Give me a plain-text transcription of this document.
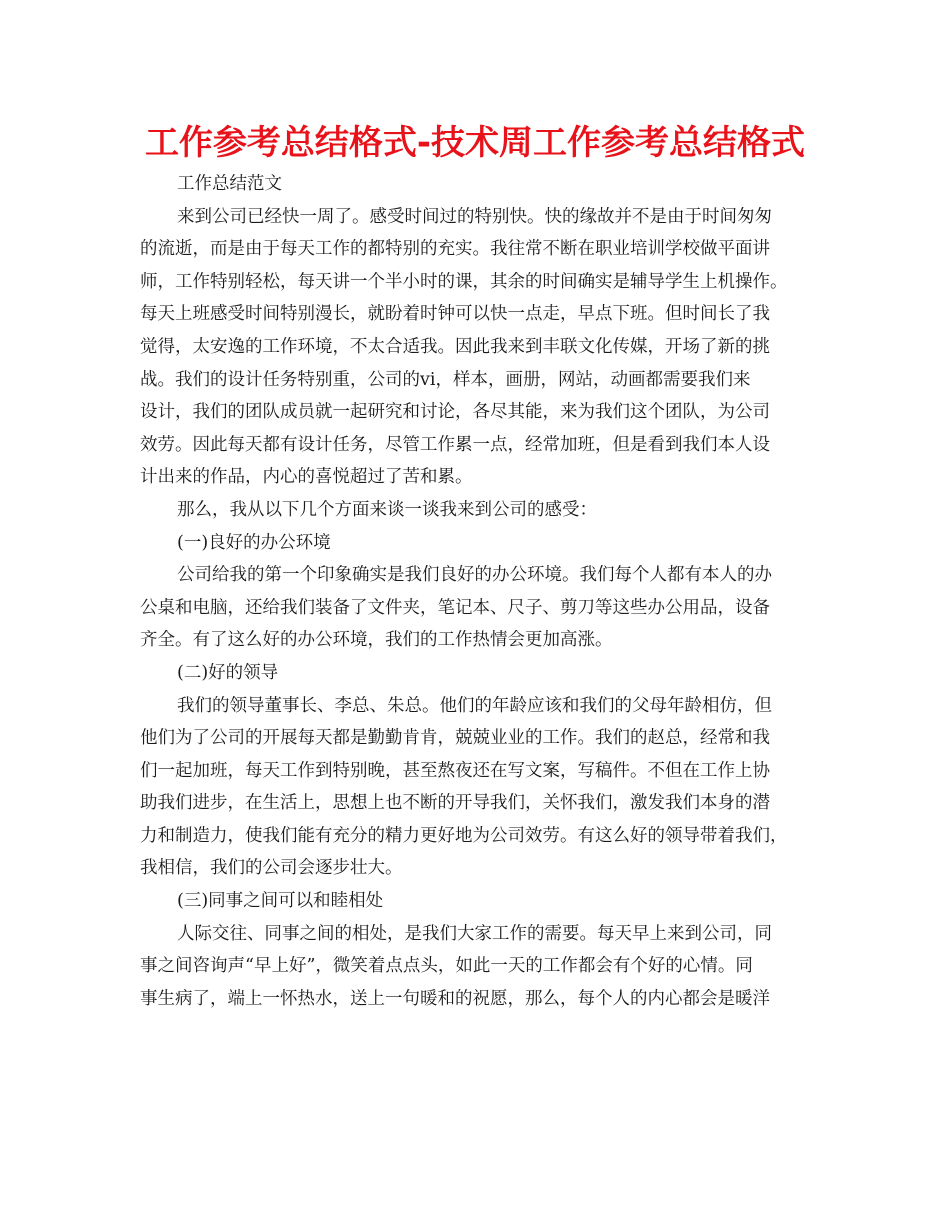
工作参考总结格式-技术周工作参考总结格式
工作总结范文
来到公司已经快一周了。感受时间过的特别快。快的缘故并不是由于时间匆匆
的流逝，而是由于每天工作的都特别的充实。我往常不断在职业培训学校做平面讲
师，工作特别轻松，每天讲一个半小时的课，其余的时间确实是辅导学生上机操作。
每天上班感受时间特别漫长，就盼着时钟可以快一点走，早点下班。但时间长了我
觉得，太安逸的工作环境，不太合适我。因此我来到丰联文化传媒，开场了新的挑
战。我们的设计任务特别重，公司的vi，样本，画册，网站，动画都需要我们来
设计，我们的团队成员就一起研究和讨论，各尽其能，来为我们这个团队，为公司
效劳。因此每天都有设计任务，尽管工作累一点，经常加班，但是看到我们本人设
计出来的作品，内心的喜悦超过了苦和累。
那么，我从以下几个方面来谈一谈我来到公司的感受：
(一)良好的办公环境
公司给我的第一个印象确实是我们良好的办公环境。我们每个人都有本人的办
公桌和电脑，还给我们装备了文件夹，笔记本、尺子、剪刀等这些办公用品，设备
齐全。有了这么好的办公环境，我们的工作热情会更加高涨。
(二)好的领导
我们的领导董事长、李总、朱总。他们的年龄应该和我们的父母年龄相仿，但
他们为了公司的开展每天都是勤勤肯肯，兢兢业业的工作。我们的赵总，经常和我
们一起加班，每天工作到特别晚，甚至熬夜还在写文案，写稿件。不但在工作上协
助我们进步，在生活上，思想上也不断的开导我们，关怀我们，激发我们本身的潜
力和制造力，使我们能有充分的精力更好地为公司效劳。有这么好的领导带着我们，
我相信，我们的公司会逐步壮大。
(三)同事之间可以和睦相处
人际交往、同事之间的相处，是我们大家工作的需要。每天早上来到公司，同
事之间咨询声“早上好”，微笑着点点头，如此一天的工作都会有个好的心情。同
事生病了，端上一怀热水，送上一句暖和的祝愿，那么，每个人的内心都会是暖洋
